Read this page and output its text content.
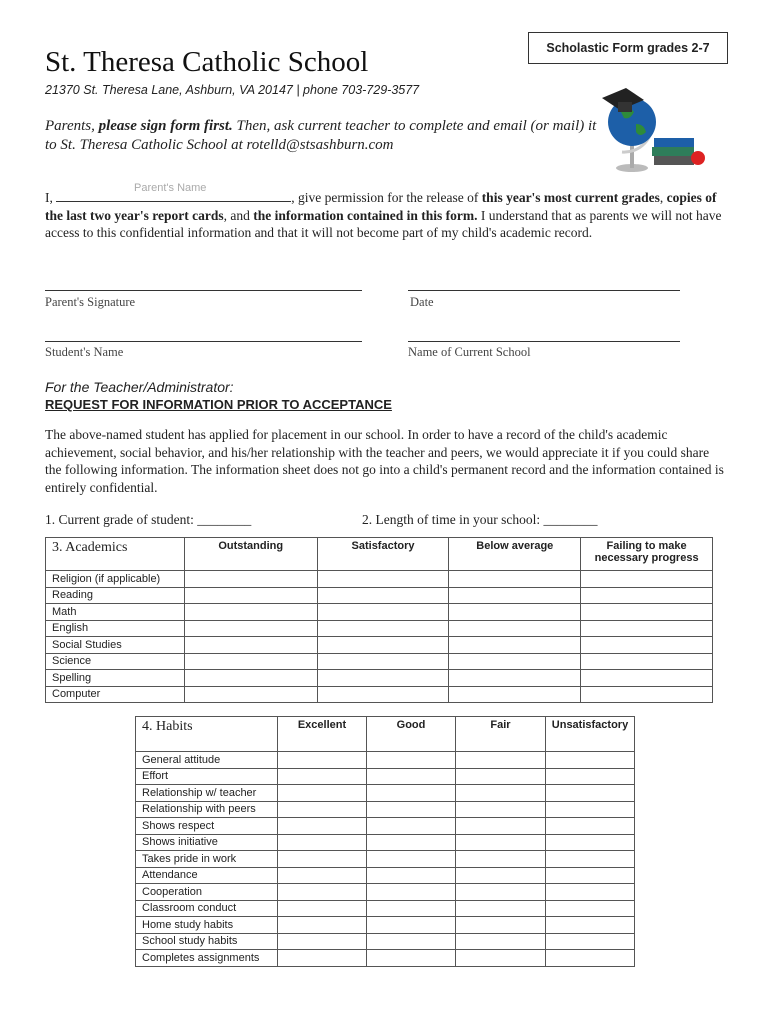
Scholastic Form grades 2-7
St. Theresa Catholic School
21370 St. Theresa Lane, Ashburn, VA 20147 | phone 703-729-3577
Parents, please sign form first. Then, ask current teacher to complete and email (or mail) it to St. Theresa Catholic School at rotelld@stsashburn.com
Parent's Name
I,	, give permission for the release of this year's most current grades, copies of the last two year's report cards, and the information contained in this form. I understand that as parents we will not have access to this confidential information and that it will not become part of my child's academic record.
Parent's Signature	Date
Student's Name	Name of Current School
For the Teacher/Administrator:
REQUEST FOR INFORMATION PRIOR TO ACCEPTANCE
The above-named student has applied for placement in our school. In order to have a record of the child's academic achievement, social behavior, and his/her relationship with the teacher and peers, we would appreciate it if you could share the following information. The information sheet does not go into a child's permanent record and the information contained is entirely confidential.
1. Current grade of student: ________	2. Length of time in your school: ________
3. Academics	Outstanding	Satisfactory	Below average	Failing to make necessary progress
Religion (if applicable)				
Reading				
Math				
English				
Social Studies				
Science				
Spelling				
Computer				
4. Habits	Excellent	Good	Fair	Unsatisfactory
General attitude				
Effort				
Relationship w/ teacher				
Relationship with peers				
Shows respect				
Shows initiative				
Takes pride in work				
Attendance				
Cooperation				
Classroom conduct				
Home study habits				
School study habits				
Completes assignments				
